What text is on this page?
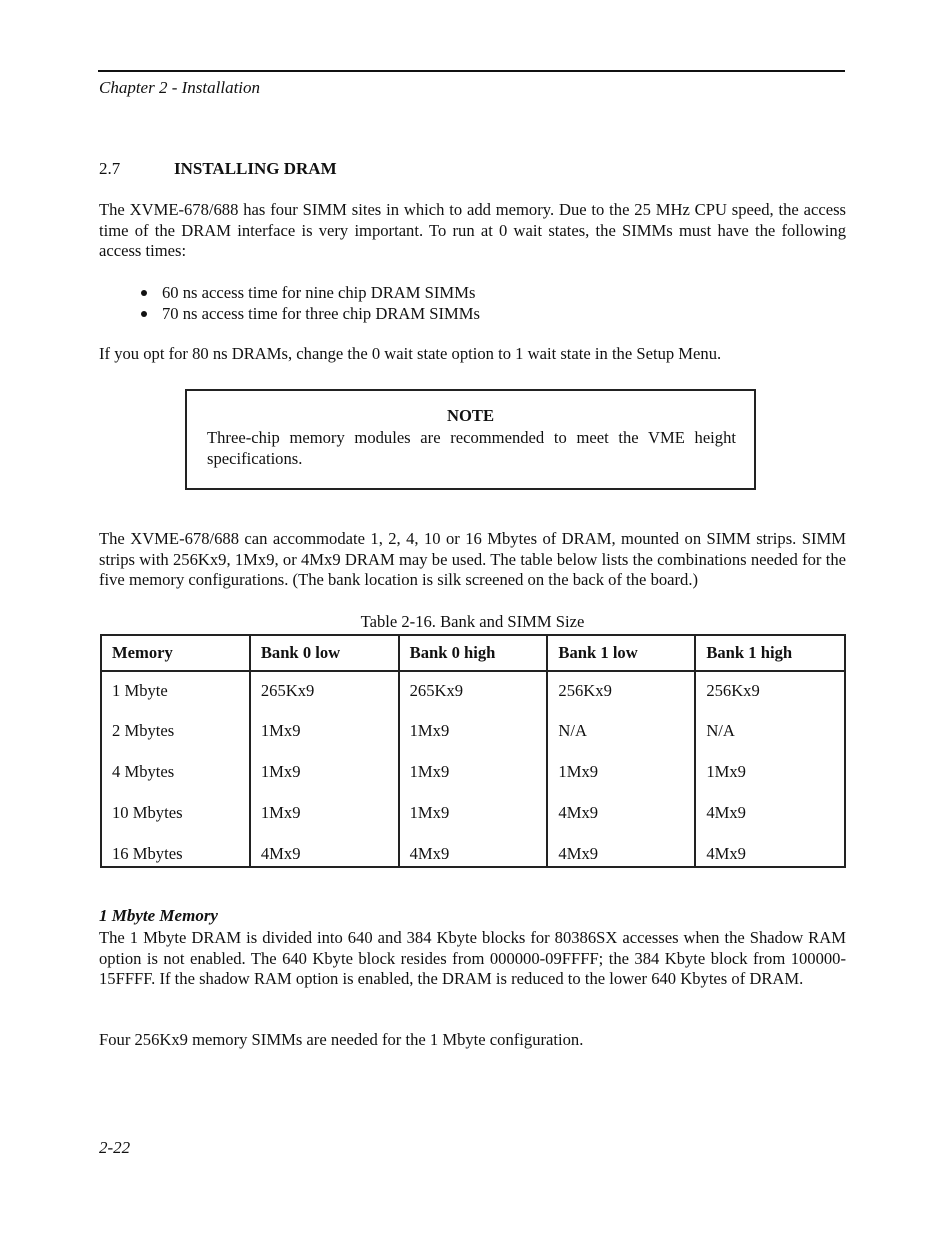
Chapter 2 - Installation
2.7	INSTALLING DRAM

The XVME-678/688 has four SIMM sites in which to add memory. Due to the 25 MHz CPU speed, the access time of the DRAM interface is very important. To run at 0 wait states, the SIMMs must have the following access times:

60 ns access time for nine chip DRAM SIMMs
70 ns access time for three chip DRAM SIMMs

If you opt for 80 ns DRAMs, change the 0 wait state option to 1 wait state in the Setup Menu.

NOTE

Three-chip memory modules are recommended to meet the VME height specifications.

The XVME-678/688 can accommodate 1, 2, 4, 10 or 16 Mbytes of DRAM, mounted on SIMM strips. SIMM strips with 256Kx9, 1Mx9, or 4Mx9 DRAM may be used. The table below lists the combinations needed for the five memory configurations. (The bank location is silk screened on the back of the board.)

Table 2-16. Bank and SIMM Size
Memory	Bank 0 low	Bank 0 high	Bank 1 low	Bank 1 high
1 Mbyte	265Kx9	265Kx9	256Kx9	256Kx9
2 Mbytes	1Mx9	1Mx9	N/A	N/A
4 Mbytes	1Mx9	1Mx9	1Mx9	1Mx9
10 Mbytes	1Mx9	1Mx9	4Mx9	4Mx9
16 Mbytes	4Mx9	4Mx9	4Mx9	4Mx9
1 Mbyte Memory

The 1 Mbyte DRAM is divided into 640 and 384 Kbyte blocks for 80386SX accesses when the Shadow RAM option is not enabled. The 640 Kbyte block resides from 000000-09FFFF; the 384 Kbyte block from 100000-15FFFF. If the shadow RAM option is enabled, the DRAM is reduced to the lower 640 Kbytes of DRAM.

Four 256Kx9 memory SIMMs are needed for the 1 Mbyte configuration.

2-22
